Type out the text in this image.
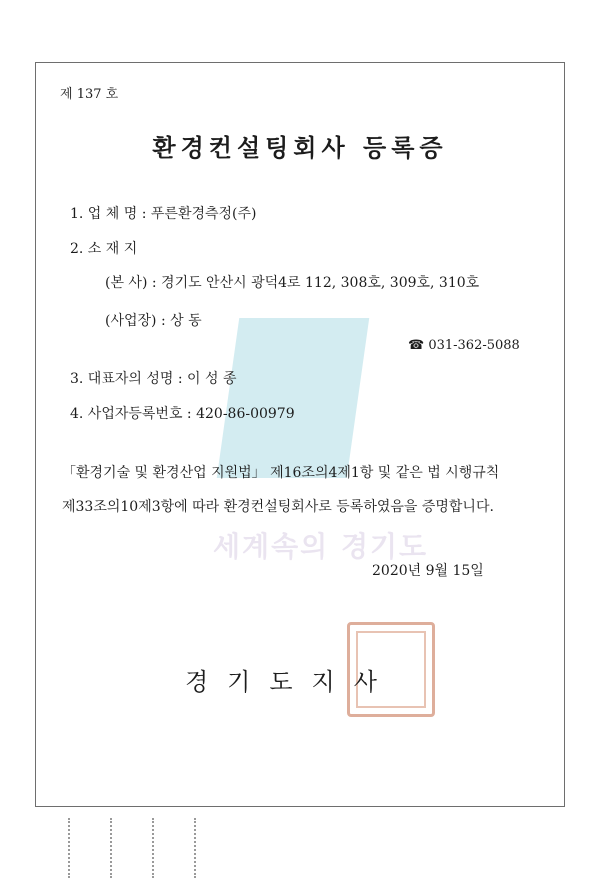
세계속의 경기도
제 137 호
환경컨설팅회사 등록증
1. 업 체 명 : 푸른환경측정(주)
2. 소 재 지
(본 사) : 경기도 안산시 광덕4로 112, 308호, 309호, 310호
(사업장) : 상 동
☎ 031-362-5088
3. 대표자의 성명 : 이 성 종
4. 사업자등록번호 : 420-86-00979
「환경기술 및 환경산업 지원법」 제16조의4제1항 및 같은 법 시행규칙
제33조의10제3항에 따라 환경컨설팅회사로 등록하였음을 증명합니다.
2020년 9월 15일
경기도지사
